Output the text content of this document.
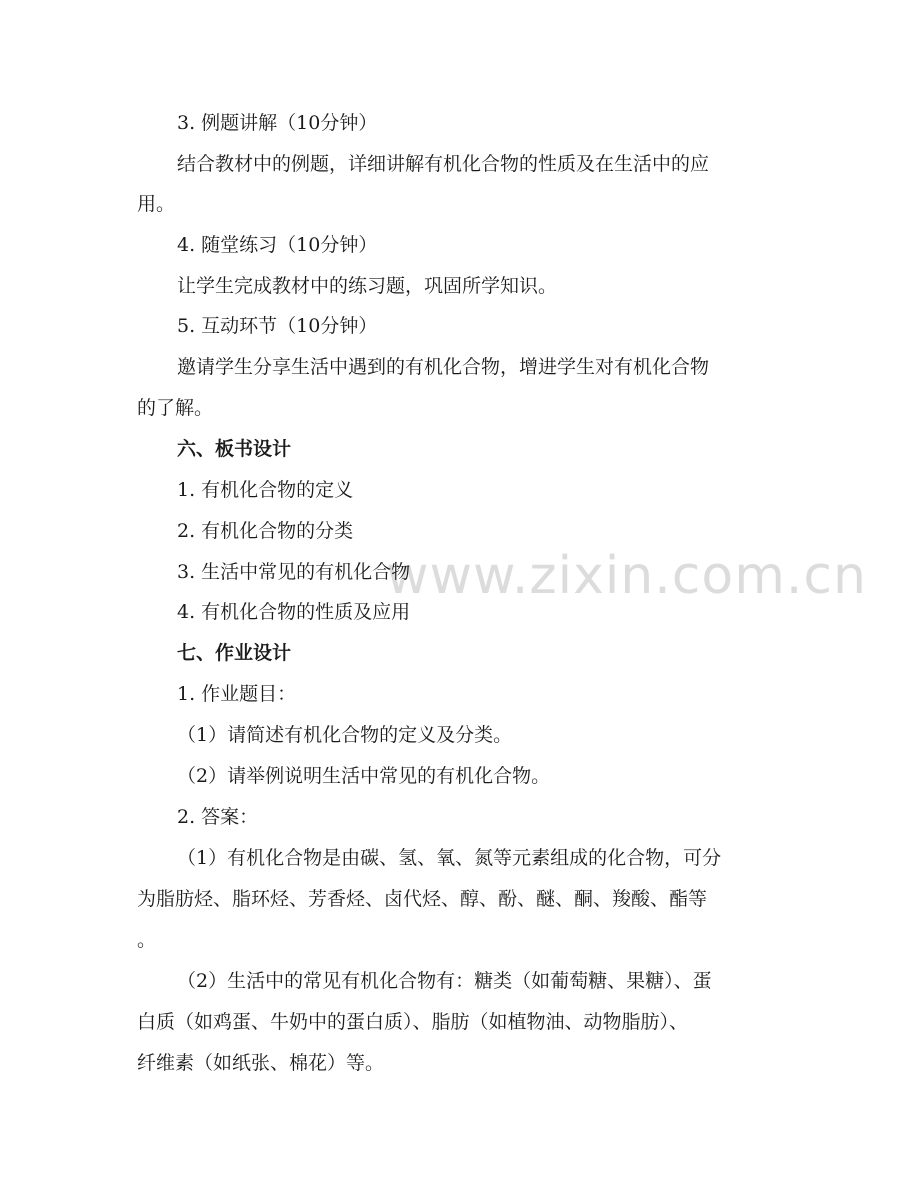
www.zixin.com.cn
3. 例题讲解（10分钟）
结合教材中的例题，详细讲解有机化合物的性质及在生活中的应
用。
4. 随堂练习（10分钟）
让学生完成教材中的练习题，巩固所学知识。
5. 互动环节（10分钟）
邀请学生分享生活中遇到的有机化合物，增进学生对有机化合物
的了解。
六、板书设计
1. 有机化合物的定义
2. 有机化合物的分类
3. 生活中常见的有机化合物
4. 有机化合物的性质及应用
七、作业设计
1. 作业题目：
（1）请简述有机化合物的定义及分类。
（2）请举例说明生活中常见的有机化合物。
2. 答案：
（1）有机化合物是由碳、氢、氧、氮等元素组成的化合物，可分
为脂肪烃、脂环烃、芳香烃、卤代烃、醇、酚、醚、酮、羧酸、酯等
。
（2）生活中的常见有机化合物有：糖类（如葡萄糖、果糖）、蛋
白质（如鸡蛋、牛奶中的蛋白质）、脂肪（如植物油、动物脂肪）、
纤维素（如纸张、棉花）等。
